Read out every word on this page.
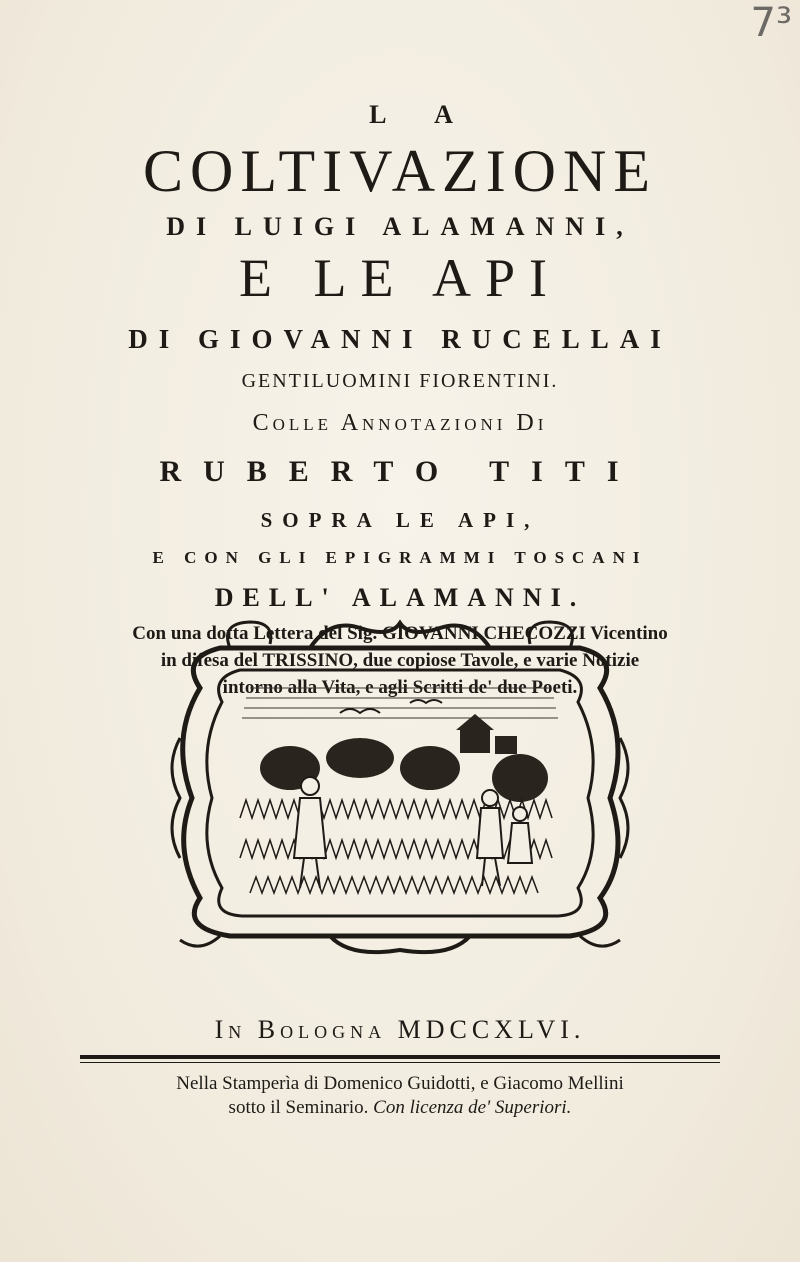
7³
L A
COLTIVAZIONE
DI LUIGI ALAMANNI,
E LE API
DI GIOVANNI RUCELLAI
GENTILUOMINI FIORENTINI.
Colle Annotazioni Di
RUBERTO TITI
SOPRA LE API,
E CON GLI EPIGRAMMI TOSCANI
DELL' ALAMANNI.
Con una dotta Lettera del Sig. GIOVANNI CHECOZZI Vicentino
in difesa del TRISSINO, due copiose Tavole, e varie Notizie
intorno alla Vita, e agli Scritti de' due Poeti.
In Bologna MDCCXLVI.
Nella Stamperìa di Domenico Guidotti, e Giacomo Mellini
sotto il Seminario. Con licenza de' Superiori.
